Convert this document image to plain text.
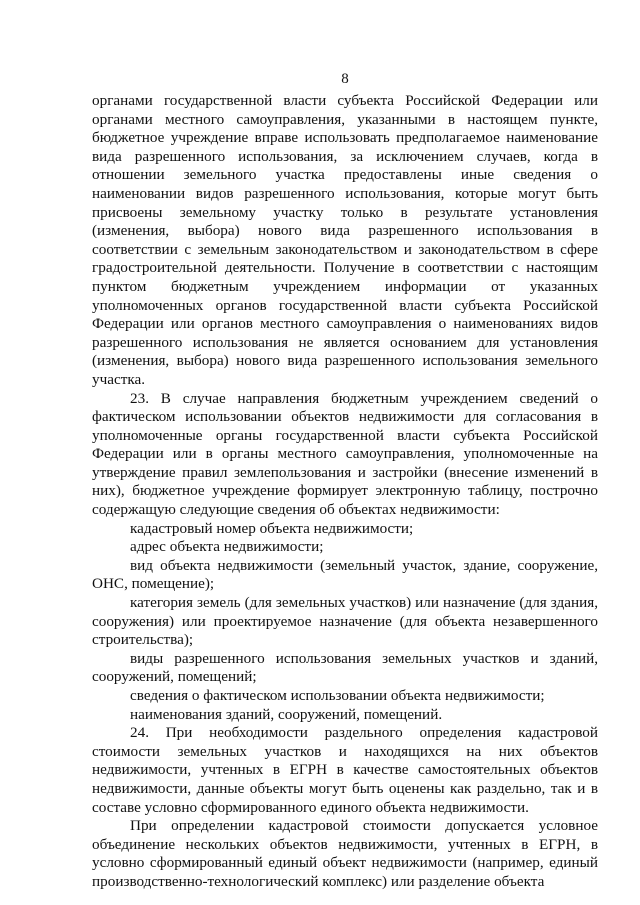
8

органами государственной власти субъекта Российской Федерации или органами местного самоуправления, указанными в настоящем пункте, бюджетное учреждение вправе использовать предполагаемое наименование вида разрешенного использования, за исключением случаев, когда в отношении земельного участка предоставлены иные сведения о наименовании видов разрешенного использования, которые могут быть присвоены земельному участку только в результате установления (изменения, выбора) нового вида разрешенного использования в соответствии с земельным законодательством и законодательством в сфере градостроительной деятельности. Получение в соответствии с настоящим пунктом бюджетным учреждением информации от указанных уполномоченных органов государственной власти субъекта Российской Федерации или органов местного самоуправления о наименованиях видов разрешенного использования не является основанием для установления (изменения, выбора) нового вида разрешенного использования земельного участка.

23. В случае направления бюджетным учреждением сведений о фактическом использовании объектов недвижимости для согласования в уполномоченные органы государственной власти субъекта Российской Федерации или в органы местного самоуправления, уполномоченные на утверждение правил землепользования и застройки (внесение изменений в них), бюджетное учреждение формирует электронную таблицу, построчно содержащую следующие сведения об объектах недвижимости:

кадастровый номер объекта недвижимости;

адрес объекта недвижимости;

вид объекта недвижимости (земельный участок, здание, сооружение, ОНС, помещение);

категория земель (для земельных участков) или назначение (для здания, сооружения) или проектируемое назначение (для объекта незавершенного строительства);

виды разрешенного использования земельных участков и зданий, сооружений, помещений;

сведения о фактическом использовании объекта недвижимости;

наименования зданий, сооружений, помещений.

24. При необходимости раздельного определения кадастровой стоимости земельных участков и находящихся на них объектов недвижимости, учтенных в ЕГРН в качестве самостоятельных объектов недвижимости, данные объекты могут быть оценены как раздельно, так и в составе условно сформированного единого объекта недвижимости.

При определении кадастровой стоимости допускается условное объединение нескольких объектов недвижимости, учтенных в ЕГРН, в условно сформированный единый объект недвижимости (например, единый производственно-технологический комплекс) или разделение объекта
